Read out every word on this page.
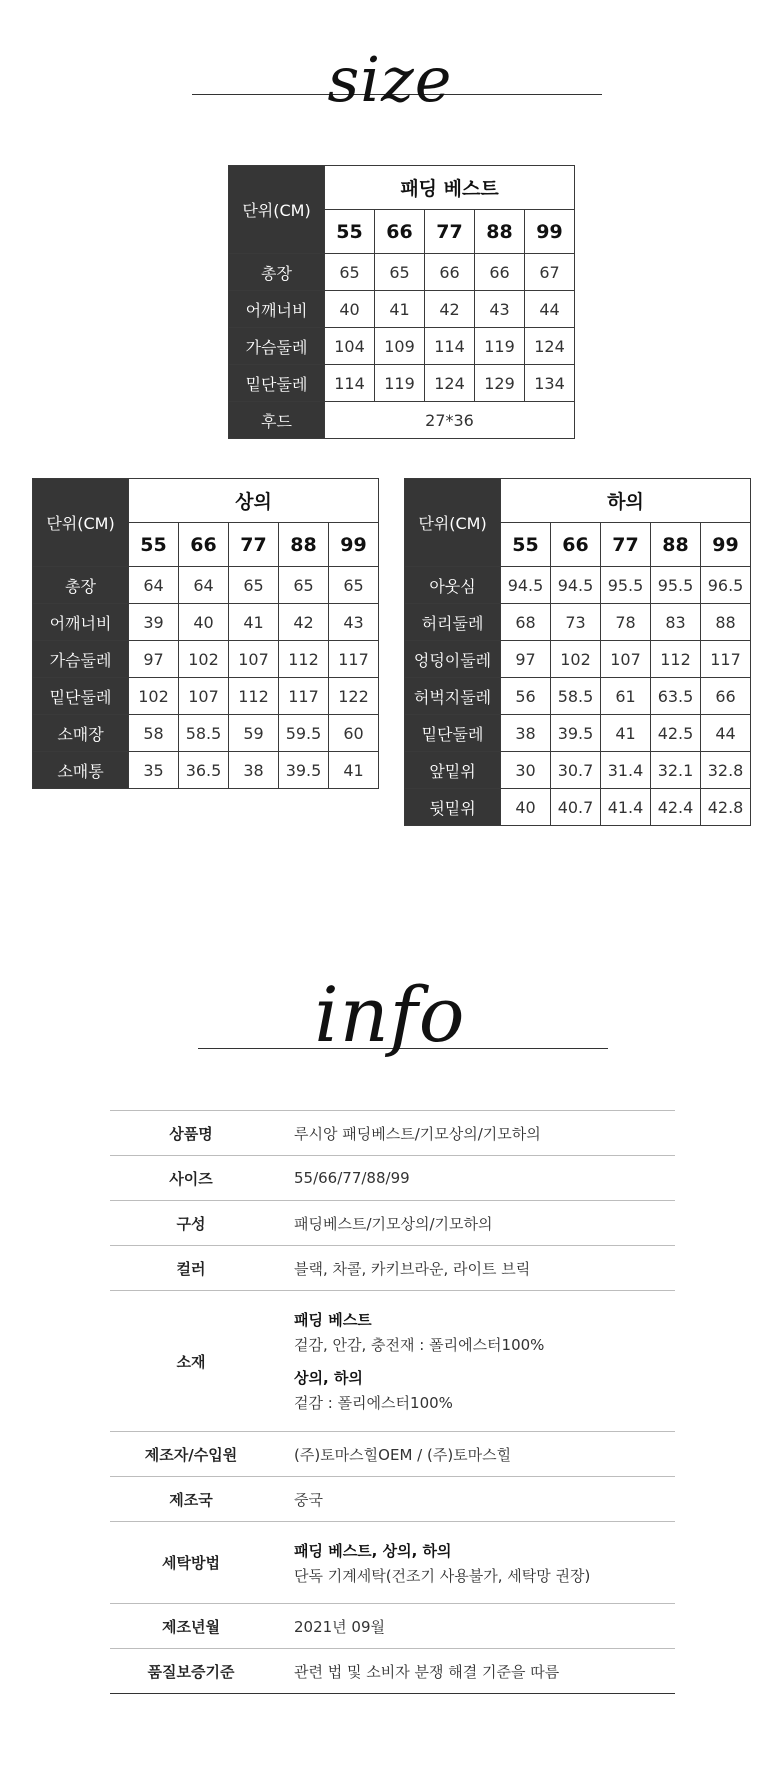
size
단위(CM)	패딩 베스트				
	55	66	77	88	99
총장	65	65	66	66	67
어깨너비	40	41	42	43	44
가슴둘레	104	109	114	119	124
밑단둘레	114	119	124	129	134
후드	27*36				
단위(CM)	상의				
	55	66	77	88	99
총장	64	64	65	65	65
어깨너비	39	40	41	42	43
가슴둘레	97	102	107	112	117
밑단둘레	102	107	112	117	122
소매장	58	58.5	59	59.5	60
소매통	35	36.5	38	39.5	41
단위(CM)	하의				
	55	66	77	88	99
아웃심	94.5	94.5	95.5	95.5	96.5
허리둘레	68	73	78	83	88
엉덩이둘레	97	102	107	112	117
허벅지둘레	56	58.5	61	63.5	66
밑단둘레	38	39.5	41	42.5	44
앞밑위	30	30.7	31.4	32.1	32.8
뒷밑위	40	40.7	41.4	42.4	42.8
info
상품명	루시앙 패딩베스트/기모상의/기모하의
사이즈	55/66/77/88/99
구성	패딩베스트/기모상의/기모하의
컬러	블랙, 차콜, 카키브라운, 라이트 브릭
소재	패딩 베스트
겉감, 안감, 충전재 : 폴리에스터100%
상의, 하의
겉감 : 폴리에스터100%

제조자/수입원	(주)토마스힐OEM / (주)토마스힐
제조국	중국
세탁방법	패딩 베스트, 상의, 하의
단독 기계세탁(건조기 사용불가, 세탁망 권장)

제조년월	2021년 09월
품질보증기준	관련 법 및 소비자 분쟁 해결 기준을 따름
